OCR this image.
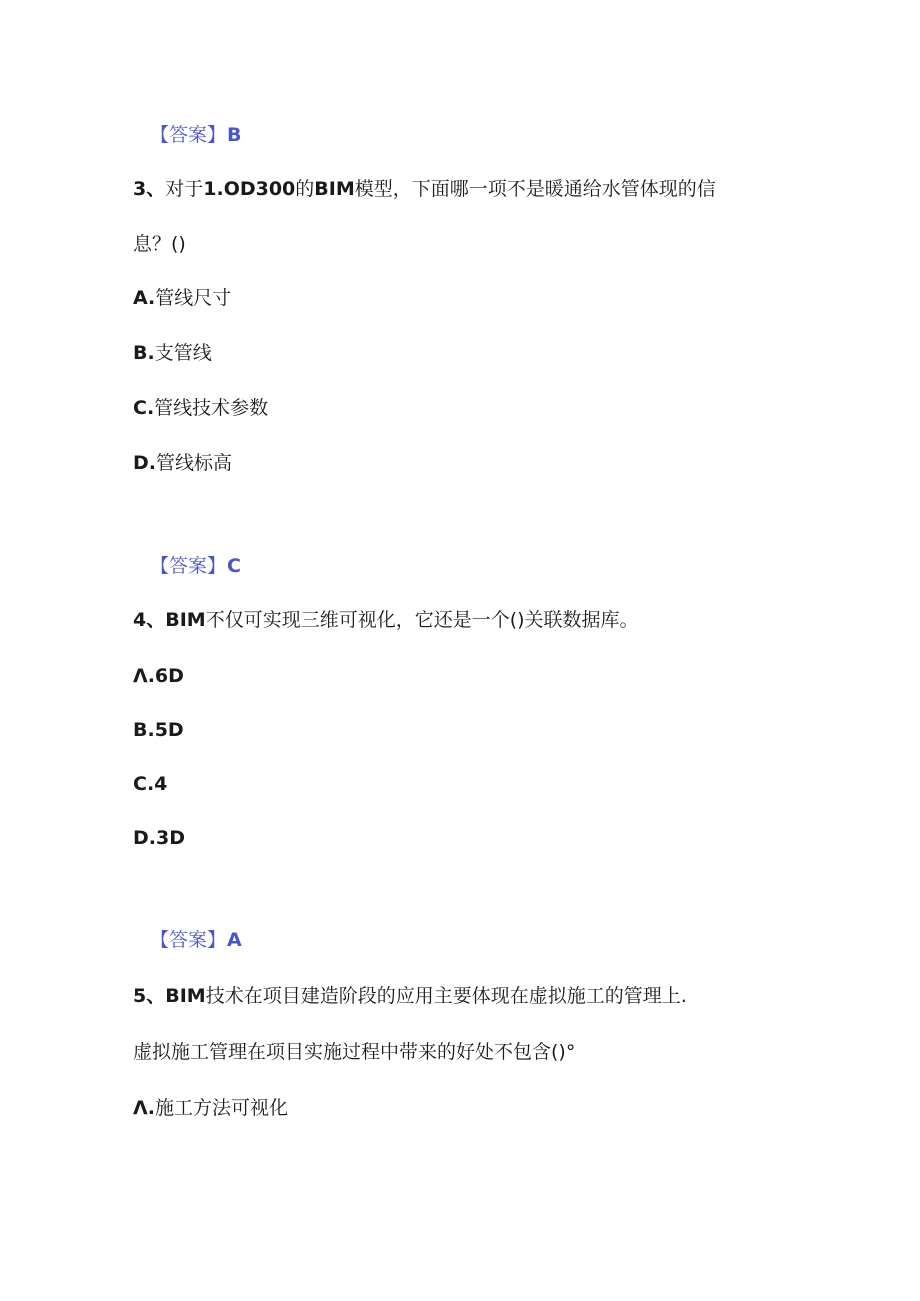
【答案】B
3、对于1.OD300的BIM模型，下面哪一项不是暖通给水管体现的信
息？()
A.管线尺寸
B.支管线
C.管线技术参数
D.管线标高
【答案】C
4、BIM不仅可实现三维可视化，它还是一个()关联数据库。
Λ.6D
B.5D
C.4
D.3D
【答案】A
5、BIM技术在项目建造阶段的应用主要体现在虚拟施工的管理上.
虚拟施工管理在项目实施过程中带来的好处不包含()°
Λ.施工方法可视化
